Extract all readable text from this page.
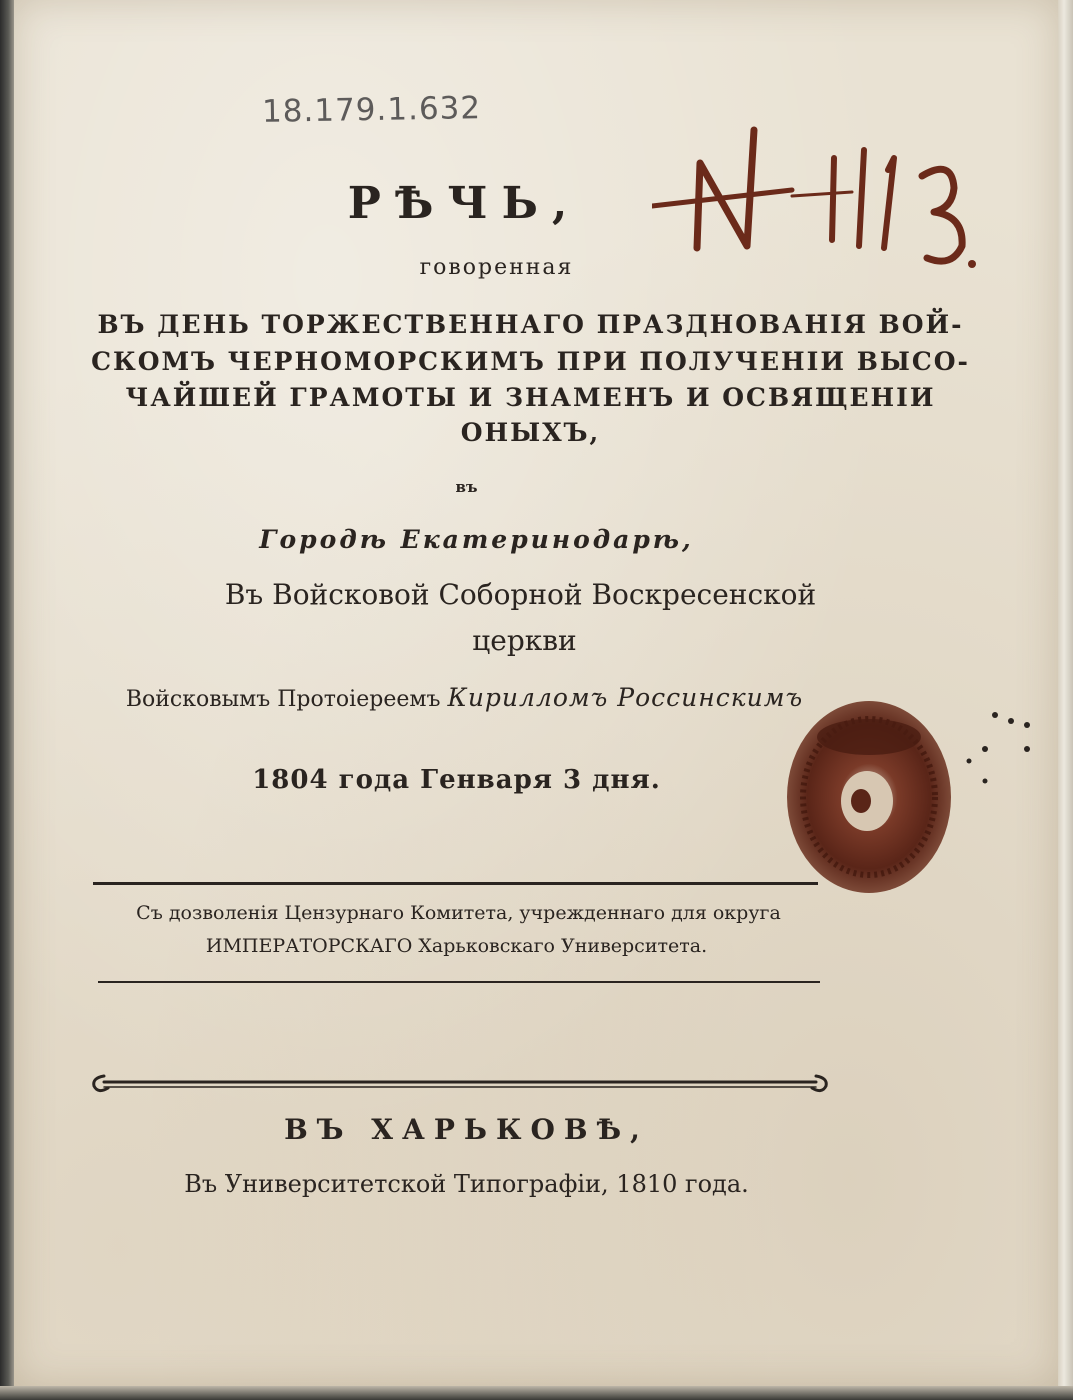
18.179.1.632

РѢЧЬ,

говоренная

ВЪ ДЕНЬ ТОРЖЕСТВЕННАГО ПРАЗДНОВАНІЯ ВОЙ-

СКОМЪ ЧЕРНОМОРСКИМЪ ПРИ ПОЛУЧЕНІИ ВЫСО-

ЧАЙШЕЙ ГРАМОТЫ И ЗНАМЕНЪ И ОСВЯЩЕНІИ

ОНЫХЪ,

въ

Городѣ Екатеринодарѣ,

Въ Войсковой Соборной Воскресенской

церкви

Войсковымъ Протоіереемъ Кирилломъ Россинскимъ

1804 года Генваря 3 дня.

Съ дозволенія Цензурнаго Комитета, учрежденнаго для округа

ИМПЕРАТОРСКАГО Харьковскаго Университета.

ВЪ ХАРЬКОВѢ,

Въ Университетской Типографіи, 1810 года.
